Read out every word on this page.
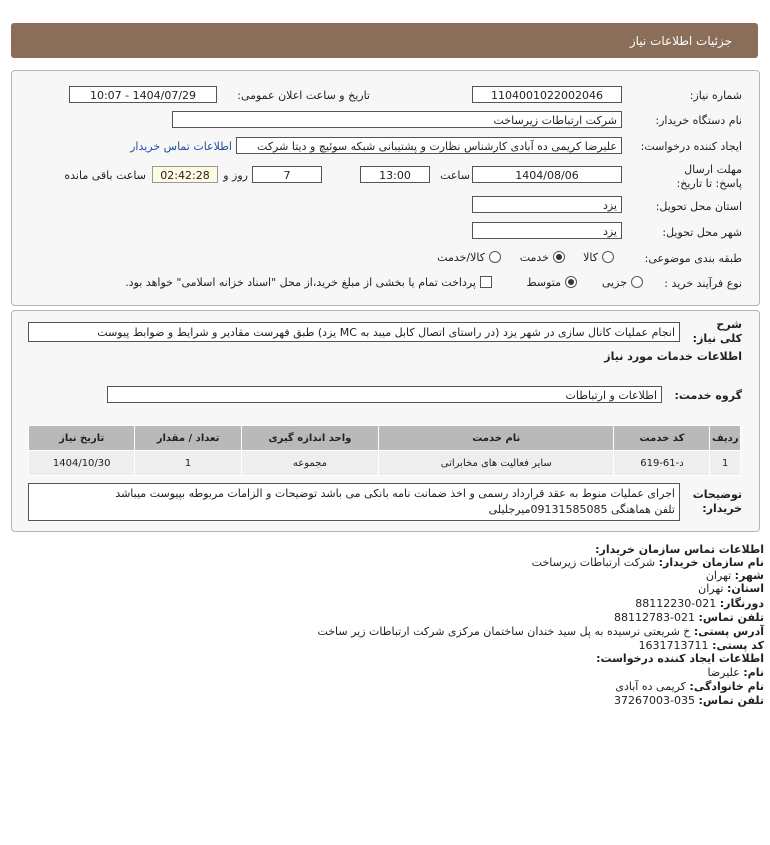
جزئیات اطلاعات نیاز
شماره نیاز:
1104001022002046
تاریخ و ساعت اعلان عمومی:
1404/07/29 - 10:07
نام دستگاه خریدار:
شرکت ارتباطات زیرساخت
ایجاد کننده درخواست:
علیرضا کریمی ده آبادی کارشناس نظارت و پشتیبانی شبکه سوئیچ و دیتا شرکت
اطلاعات تماس خریدار
مهلت ارسال پاسخ: تا تاریخ:
1404/08/06
ساعت
13:00
7
روز و
02:42:28
ساعت باقی مانده
استان محل تحویل:
یزد
شهر محل تحویل:
یزد
طبقه بندی موضوعی:
کالا
خدمت
کالا/خدمت
نوع فرآیند خرید :
جزیی
متوسط
پرداخت تمام یا بخشی از مبلغ خرید،از محل "اسناد خزانه اسلامی" خواهد بود.
شرح کلی نیاز:
انجام عملیات کانال سازی در شهر یزد (در راستای اتصال کابل میبد به MC یزد) طبق فهرست مقادیر و شرایط و ضوابط پیوست
اطلاعات خدمات مورد نیاز
گروه خدمت:
اطلاعات و ارتباطات
ردیف	کد خدمت	نام خدمت	واحد اندازه گیری	تعداد / مقدار	تاریخ نیاز
1	د-61-619	سایر فعالیت های مخابراتی	مجموعه	1	1404/10/30
توضیحات خریدار:
اجرای عملیات منوط به عقد قرارداد رسمی و اخذ ضمانت نامه بانکی می باشد توضیحات و الزامات مربوطه بپیوست میباشد
تلفن هماهنگی 09131585085میرجلیلی
اطلاعات تماس سازمان خریدار:
نام سازمان خریدار: شرکت ارتباطات زیرساخت
شهر: تهران
استان: تهران
دورنگار: 021-88112230
تلفن تماس: 021-88112783
آدرس پستی: خ شریعتی نرسیده به پل سید خندان ساختمان مرکزی شرکت ارتباطات زیر ساخت
کد پستی: 1631713711
اطلاعات ایجاد کننده درخواست:
نام: علیرضا
نام خانوادگی: کریمی ده آبادی
تلفن تماس: 035-37267003
